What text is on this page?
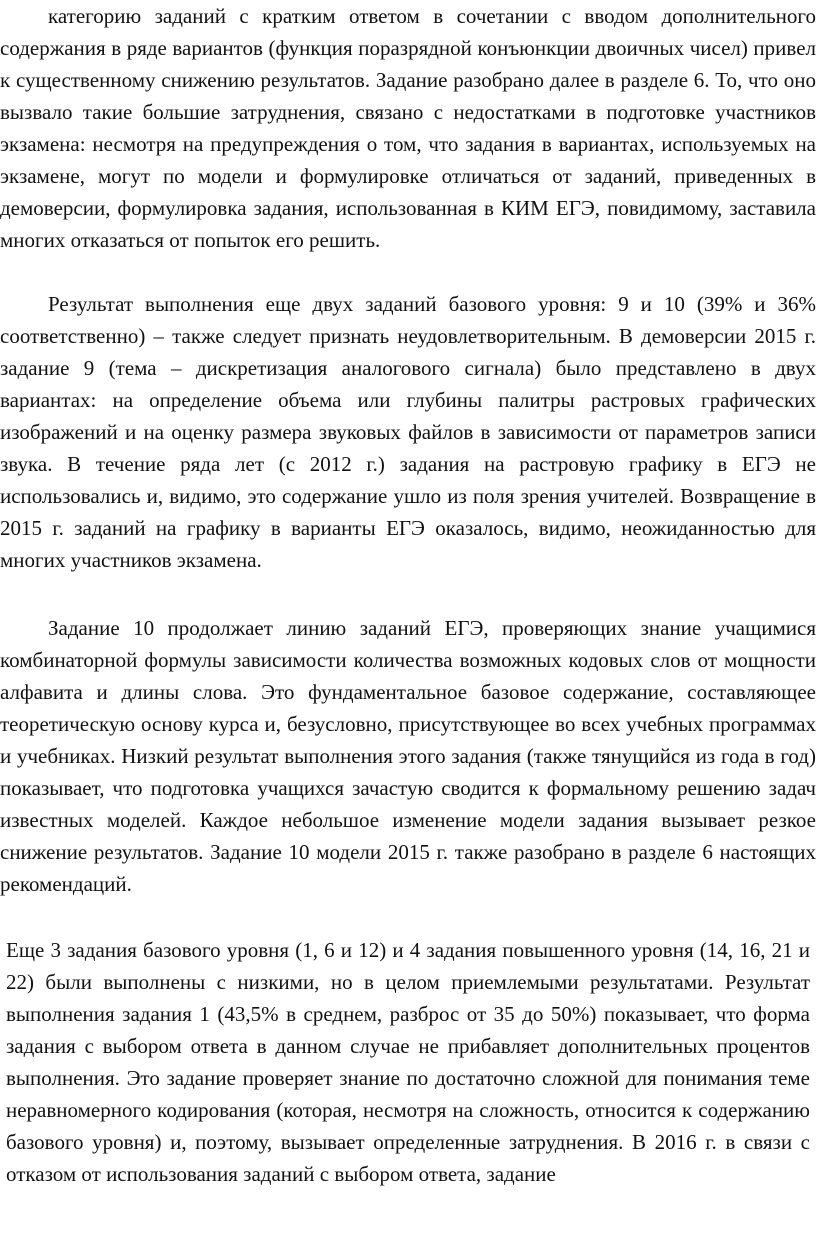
категорию заданий с кратким ответом в сочетании с вводом дополнительного содержания в ряде вариантов (функция поразрядной конъюнкции двоичных чисел) привел к существенному снижению результатов. Задание разобрано далее в разделе 6. То, что оно вызвало такие большие затруднения, связано с недостатками в подготовке участников экзамена: несмотря на предупреждения о том, что задания в вариантах, используемых на экзамене, могут по модели и формулировке отличаться от заданий, приведенных в демоверсии, формулировка задания, использованная в КИМ ЕГЭ, повидимому, заставила многих отказаться от попыток его решить.

Результат выполнения еще двух заданий базового уровня: 9 и 10 (39% и 36% соответственно) – также следует признать неудовлетворительным. В демоверсии 2015 г. задание 9 (тема – дискретизация аналогового сигнала) было представлено в двух вариантах: на определение объема или глубины палитры растровых графических изображений и на оценку размера звуковых файлов в зависимости от параметров записи звука. В течение ряда лет (с 2012 г.) задания на растровую графику в ЕГЭ не использовались и, видимо, это содержание ушло из поля зрения учителей. Возвращение в 2015 г. заданий на графику в варианты ЕГЭ оказалось, видимо, неожиданностью для многих участников экзамена.

Задание 10 продолжает линию заданий ЕГЭ, проверяющих знание учащимися комбинаторной формулы зависимости количества возможных кодовых слов от мощности алфавита и длины слова. Это фундаментальное базовое содержание, составляющее теоретическую основу курса и, безусловно, присутствующее во всех учебных программах и учебниках. Низкий результат выполнения этого задания (также тянущийся из года в год) показывает, что подготовка учащихся зачастую сводится к формальному решению задач известных моделей. Каждое небольшое изменение модели задания вызывает резкое снижение результатов. Задание 10 модели 2015 г. также разобрано в разделе 6 настоящих рекомендаций.

Еще 3 задания базового уровня (1, 6 и 12) и 4 задания повышенного уровня (14, 16, 21 и 22) были выполнены с низкими, но в целом приемлемыми результатами. Результат выполнения задания 1 (43,5% в среднем, разброс от 35 до 50%) показывает, что форма задания с выбором ответа в данном случае не прибавляет дополнительных процентов выполнения. Это задание проверяет знание по достаточно сложной для понимания теме неравномерного кодирования (которая, несмотря на сложность, относится к содержанию базового уровня) и, поэтому, вызывает определенные затруднения. В 2016 г. в связи с отказом от использования заданий с выбором ответа, задание
